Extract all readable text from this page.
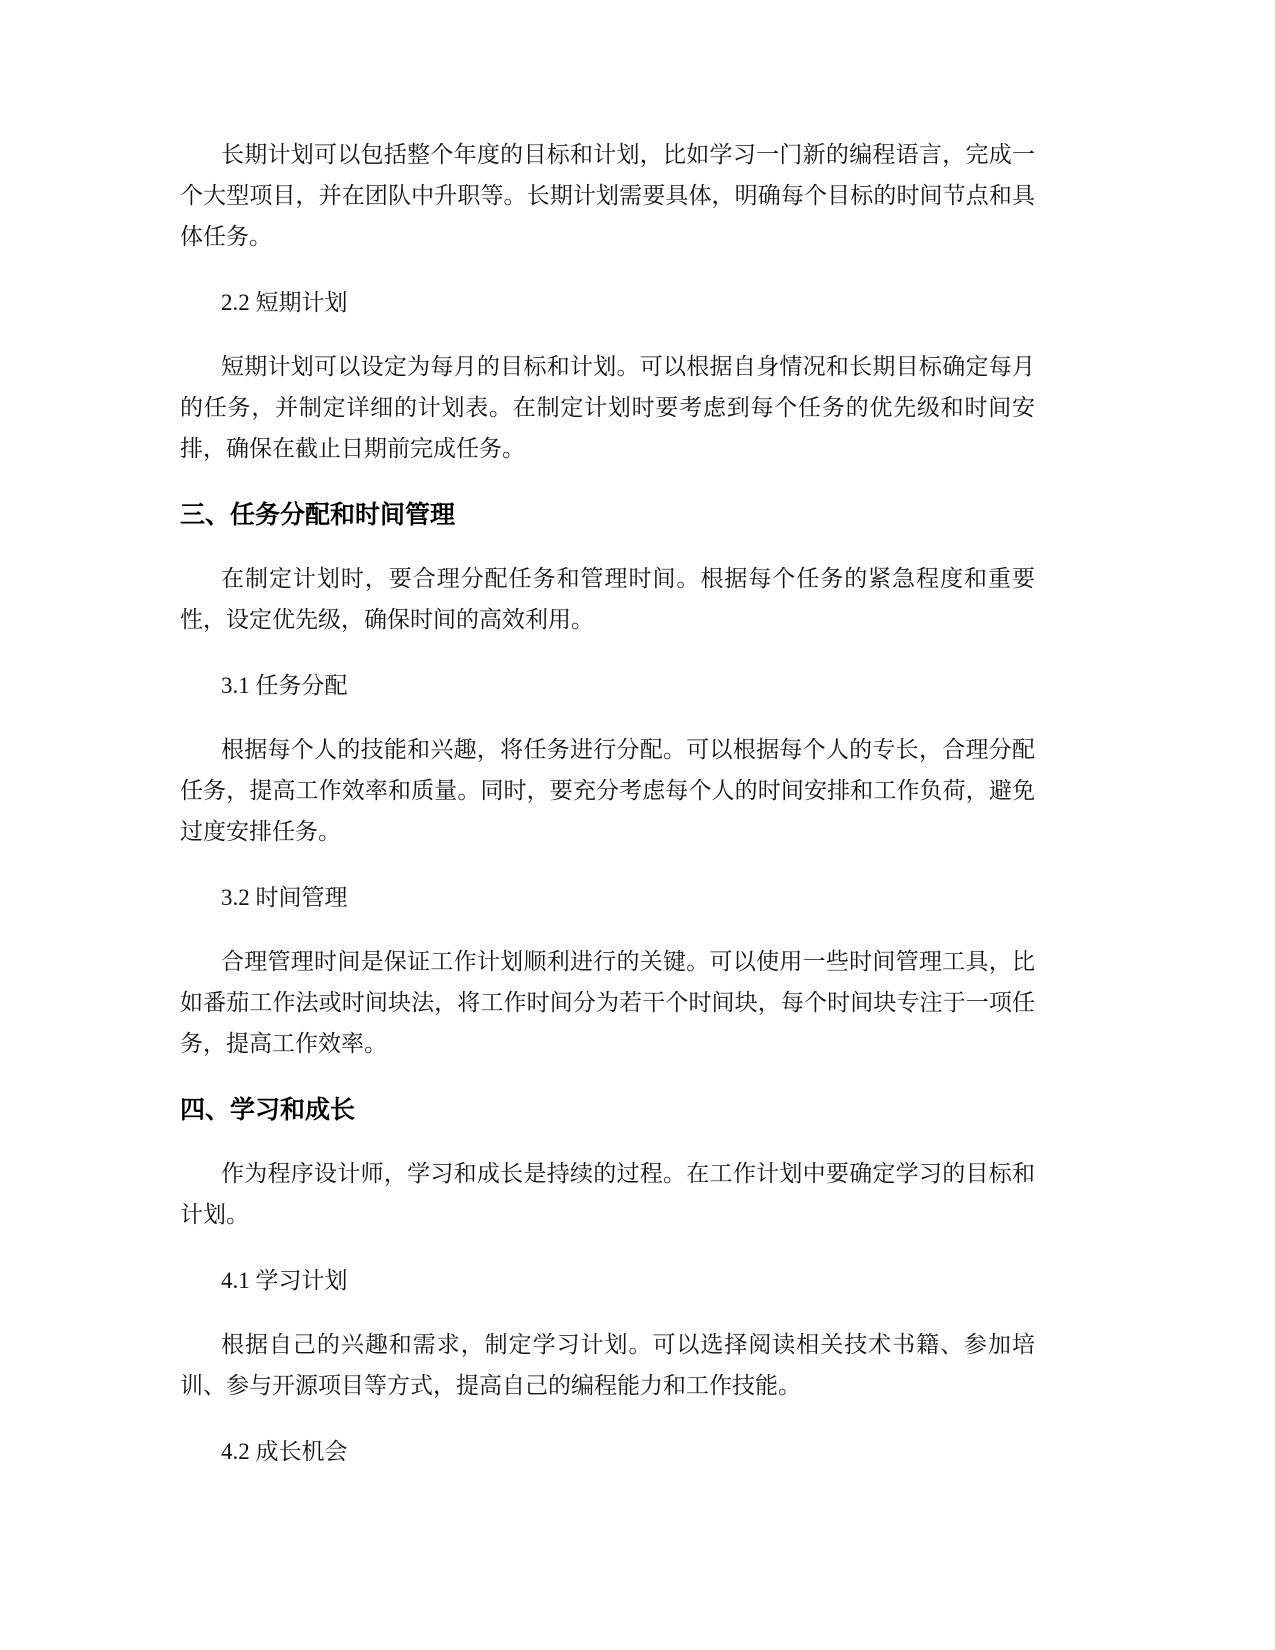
长期计划可以包括整个年度的目标和计划，比如学习一门新的编程语言，完成一个大型项目，并在团队中升职等。长期计划需要具体，明确每个目标的时间节点和具体任务。

2.2 短期计划

短期计划可以设定为每月的目标和计划。可以根据自身情况和长期目标确定每月的任务，并制定详细的计划表。在制定计划时要考虑到每个任务的优先级和时间安排，确保在截止日期前完成任务。

三、任务分配和时间管理

在制定计划时，要合理分配任务和管理时间。根据每个任务的紧急程度和重要性，设定优先级，确保时间的高效利用。

3.1 任务分配

根据每个人的技能和兴趣，将任务进行分配。可以根据每个人的专长，合理分配任务，提高工作效率和质量。同时，要充分考虑每个人的时间安排和工作负荷，避免过度安排任务。

3.2 时间管理

合理管理时间是保证工作计划顺利进行的关键。可以使用一些时间管理工具，比如番茄工作法或时间块法，将工作时间分为若干个时间块，每个时间块专注于一项任务，提高工作效率。

四、学习和成长

作为程序设计师，学习和成长是持续的过程。在工作计划中要确定学习的目标和计划。

4.1 学习计划

根据自己的兴趣和需求，制定学习计划。可以选择阅读相关技术书籍、参加培训、参与开源项目等方式，提高自己的编程能力和工作技能。

4.2 成长机会
